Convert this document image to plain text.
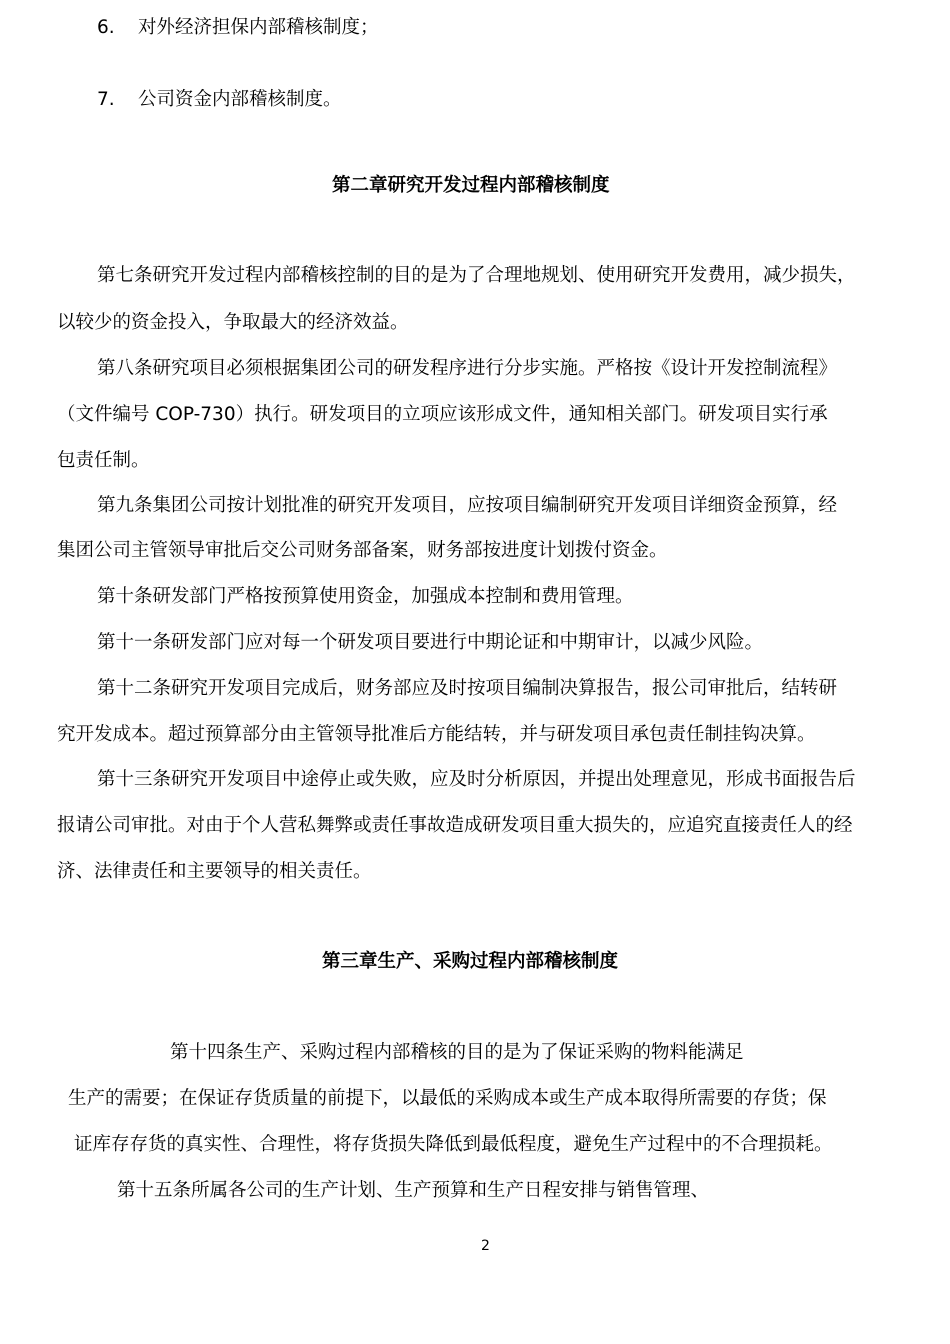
6. 对外经济担保内部稽核制度；
7. 公司资金内部稽核制度。
第二章研究开发过程内部稽核制度
第七条研究开发过程内部稽核控制的目的是为了合理地规划、使用研究开发费用，减少损失，
以较少的资金投入，争取最大的经济效益。
第八条研究项目必须根据集团公司的研发程序进行分步实施。严格按《设计开发控制流程》
（文件编号 COP-730）执行。研发项目的立项应该形成文件，通知相关部门。研发项目实行承
包责任制。
第九条集团公司按计划批准的研究开发项目，应按项目编制研究开发项目详细资金预算，经
集团公司主管领导审批后交公司财务部备案，财务部按进度计划拨付资金。
第十条研发部门严格按预算使用资金，加强成本控制和费用管理。
第十一条研发部门应对每一个研发项目要进行中期论证和中期审计，以减少风险。
第十二条研究开发项目完成后，财务部应及时按项目编制决算报告，报公司审批后，结转研
究开发成本。超过预算部分由主管领导批准后方能结转，并与研发项目承包责任制挂钩决算。
第十三条研究开发项目中途停止或失败，应及时分析原因，并提出处理意见，形成书面报告后
报请公司审批。对由于个人营私舞弊或责任事故造成研发项目重大损失的，应追究直接责任人的经
济、法律责任和主要领导的相关责任。
第三章生产、采购过程内部稽核制度
第十四条生产、采购过程内部稽核的目的是为了保证采购的物料能满足
生产的需要；在保证存货质量的前提下，以最低的采购成本或生产成本取得所需要的存货；保
证库存存货的真实性、合理性，将存货损失降低到最低程度，避免生产过程中的不合理损耗。
第十五条所属各公司的生产计划、生产预算和生产日程安排与销售管理、
2
